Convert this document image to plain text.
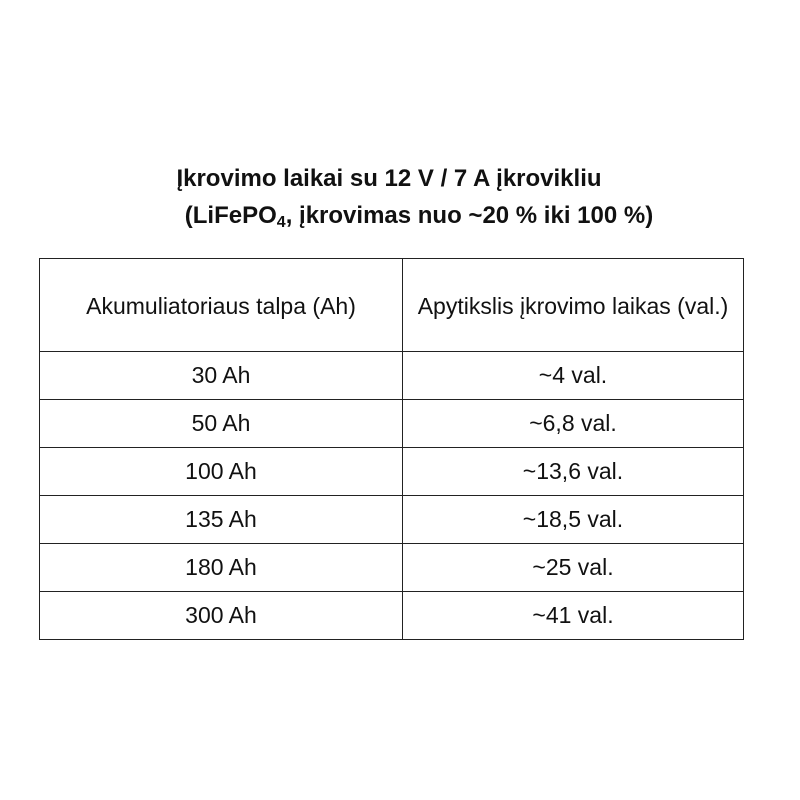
Įkrovimo laikai su 12 V / 7 A įkrovikliu
(LiFePO$_4$, įkrovimas nuo ~20 % iki 100 %)
Akumuliatoriaus talpa (Ah)	Apytikslis įkrovimo laikas (val.)
30 Ah	~4 val.
50 Ah	~6,8 val.
100 Ah	~13,6 val.
135 Ah	~18,5 val.
180 Ah	~25 val.
300 Ah	~41 val.
